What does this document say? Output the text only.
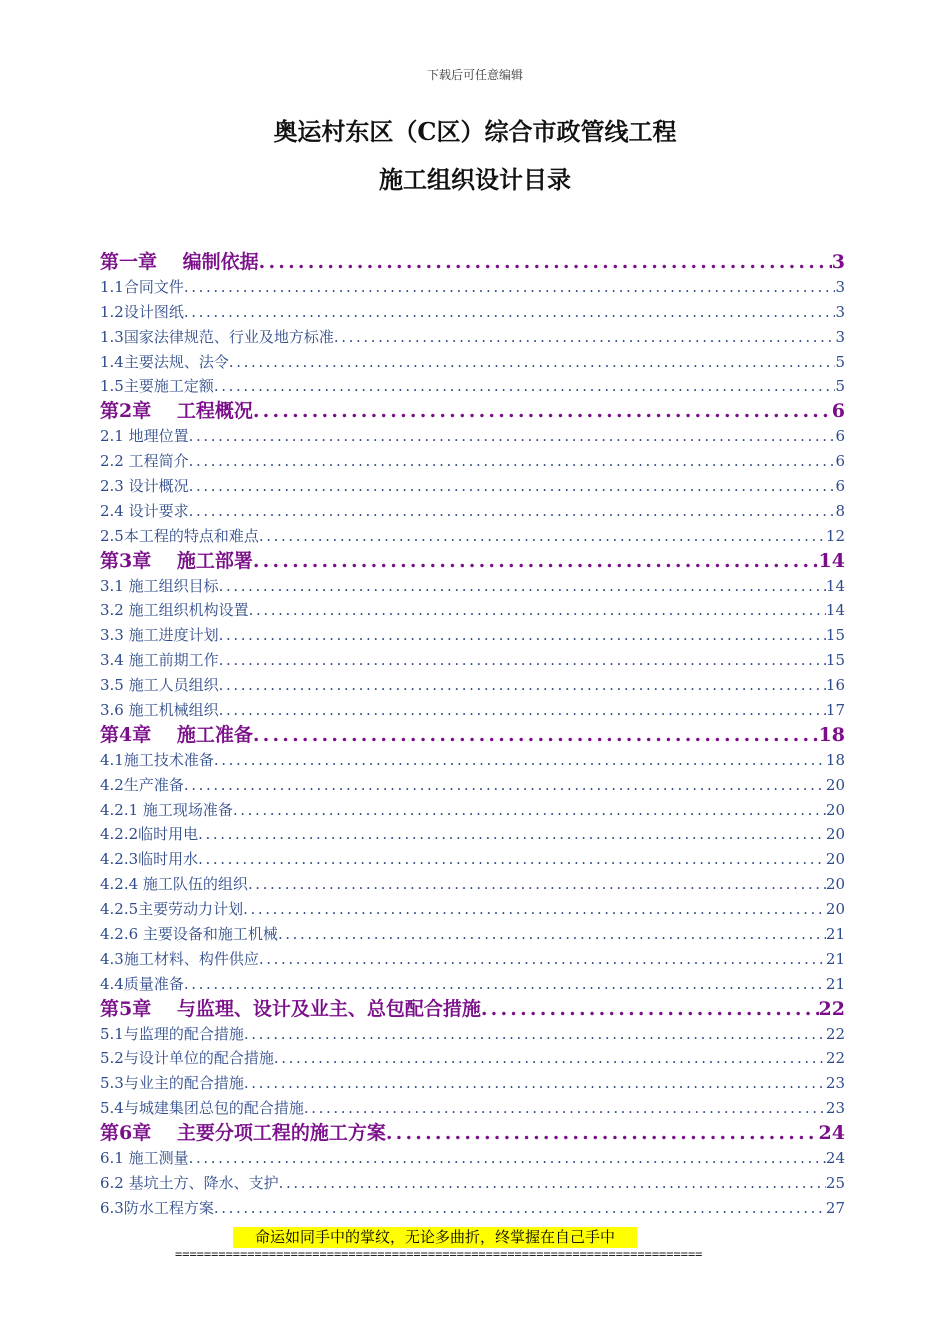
下载后可任意编辑
奥运村东区（C区）综合市政管线工程
施工组织设计目录
第一章　 编制依据 .....	3
1.1合同文件 .....	3
1.2设计图纸 .....	3
1.3国家法律规范、行业及地方标准 .....	3
1.4主要法规、法令 .....	5
1.5主要施工定额 .....	5
第2章　 工程概况 .....	6
2.1 地理位置 .....	6
2.2 工程简介 .....	6
2.3 设计概况 .....	6
2.4 设计要求 .....	8
2.5本工程的特点和难点 .....	12
第3章　 施工部署 .....	14
3.1 施工组织目标 .....	14
3.2 施工组织机构设置 .....	14
3.3 施工进度计划 .....	15
3.4 施工前期工作 .....	15
3.5 施工人员组织 .....	16
3.6 施工机械组织 .....	17
第4章　 施工准备 .....	18
4.1施工技术准备 .....	18
4.2生产准备 .....	20
4.2.1 施工现场准备 .....	20
4.2.2临时用电 .....	20
4.2.3临时用水 .....	20
4.2.4 施工队伍的组织 .....	20
4.2.5主要劳动力计划 .....	20
4.2.6 主要设备和施工机械 .....	21
4.3施工材料、构件供应 .....	21
4.4质量准备 .....	21
第5章　 与监理、设计及业主、总包配合措施 .....	22
5.1与监理的配合措施 .....	22
5.2与设计单位的配合措施 .....	22
5.3与业主的配合措施 .....	23
5.4与城建集团总包的配合措施 .....	23
第6章　 主要分项工程的施工方案 .....	24
6.1 施工测量 .....	24
6.2 基坑土方、降水、支护 .....	25
6.3防水工程方案 .....	27
命运如同手中的掌纹，无论多曲折，终掌握在自己手中
=========================================================================
